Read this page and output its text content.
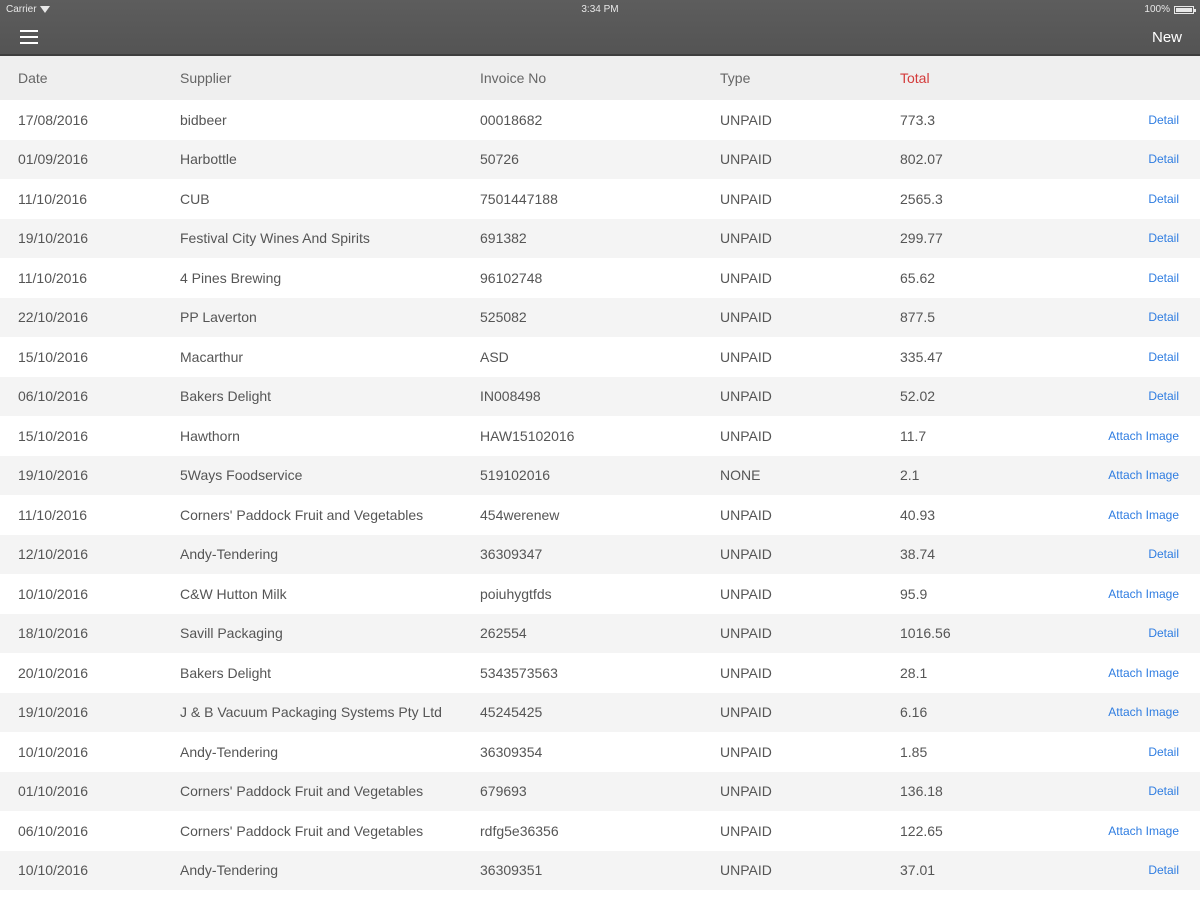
Carrier	3:34 PM	100%
New
Date	Supplier	Invoice No	Type	Total
17/08/2016	bidbeer	00018682	UNPAID	773.3	Detail
01/09/2016	Harbottle	50726	UNPAID	802.07	Detail
11/10/2016	CUB	7501447188	UNPAID	2565.3	Detail
19/10/2016	Festival City Wines And Spirits	691382	UNPAID	299.77	Detail
11/10/2016	4 Pines Brewing	96102748	UNPAID	65.62	Detail
22/10/2016	PP Laverton	525082	UNPAID	877.5	Detail
15/10/2016	Macarthur	ASD	UNPAID	335.47	Detail
06/10/2016	Bakers Delight	IN008498	UNPAID	52.02	Detail
15/10/2016	Hawthorn	HAW15102016	UNPAID	11.7	Attach Image
19/10/2016	5Ways Foodservice	519102016	NONE	2.1	Attach Image
11/10/2016	Corners' Paddock Fruit and Vegetables	454werenew	UNPAID	40.93	Attach Image
12/10/2016	Andy-Tendering	36309347	UNPAID	38.74	Detail
10/10/2016	C&W Hutton Milk	poiuhygtfds	UNPAID	95.9	Attach Image
18/10/2016	Savill Packaging	262554	UNPAID	1016.56	Detail
20/10/2016	Bakers Delight	5343573563	UNPAID	28.1	Attach Image
19/10/2016	J & B Vacuum Packaging Systems Pty Ltd	45245425	UNPAID	6.16	Attach Image
10/10/2016	Andy-Tendering	36309354	UNPAID	1.85	Detail
01/10/2016	Corners' Paddock Fruit and Vegetables	679693	UNPAID	136.18	Detail
06/10/2016	Corners' Paddock Fruit and Vegetables	rdfg5e36356	UNPAID	122.65	Attach Image
10/10/2016	Andy-Tendering	36309351	UNPAID	37.01	Detail
